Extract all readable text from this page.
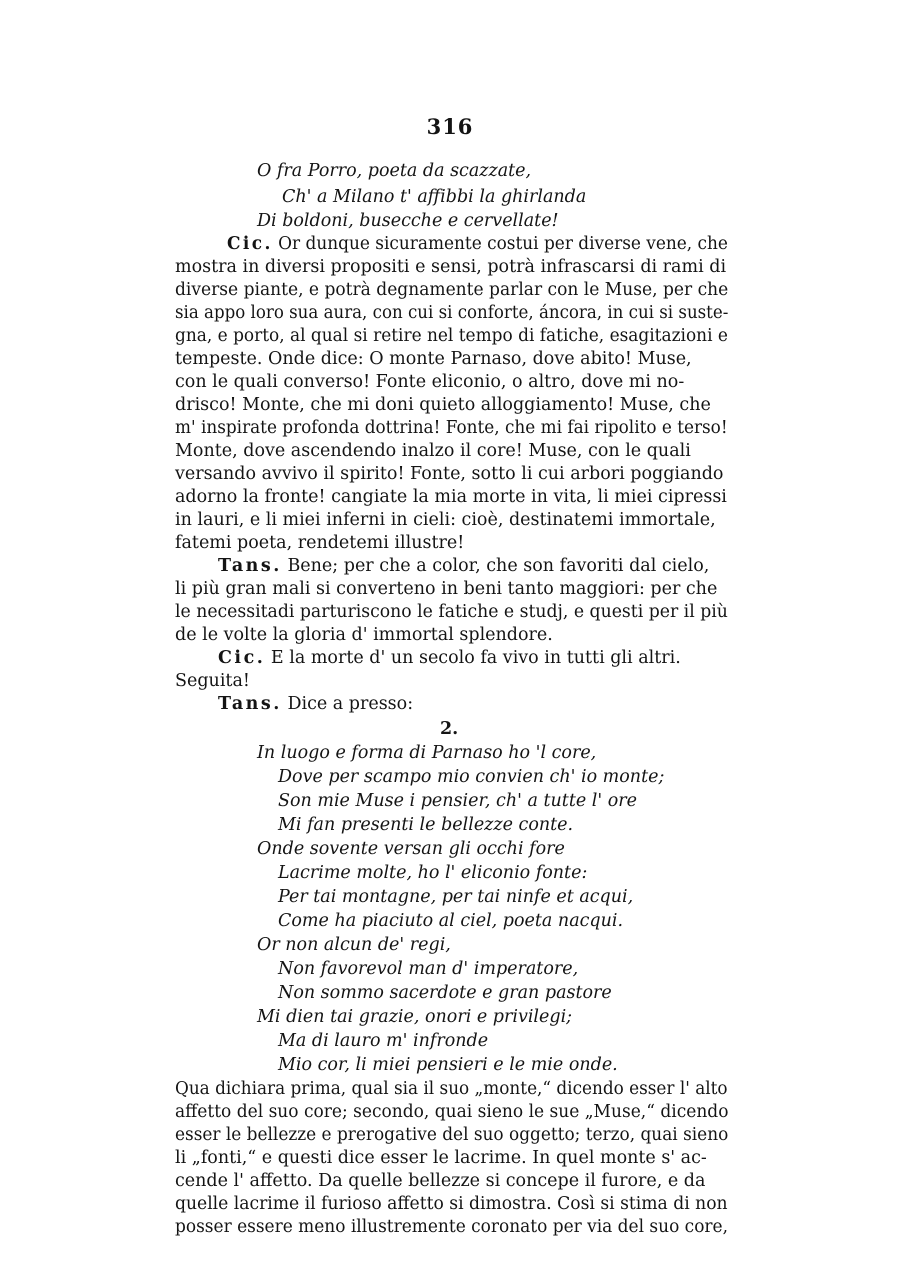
316
O fra Porro, poeta da scazzate,
Ch' a Milano t' affibbi la ghirlanda
Di boldoni, busecche e cervellate!
Cic. Or dunque sicuramente costui per diverse vene, che
mostra in diversi propositi e sensi, potrà infrascarsi di rami di
diverse piante, e potrà degnamente parlar con le Muse, per che
sia appo loro sua aura, con cui si conforte, áncora, in cui si suste-
gna, e porto, al qual si retire nel tempo di fatiche, esagitazioni e
tempeste. Onde dice: O monte Parnaso, dove abito! Muse,
con le quali converso! Fonte eliconio, o altro, dove mi no-
drisco! Monte, che mi doni quieto alloggiamento! Muse, che
m' inspirate profonda dottrina! Fonte, che mi fai ripolito e terso!
Monte, dove ascendendo inalzo il core! Muse, con le quali
versando avvivo il spirito! Fonte, sotto li cui arbori poggiando
adorno la fronte! cangiate la mia morte in vita, li miei cipressi
in lauri, e li miei inferni in cieli: cioè, destinatemi immortale,
fatemi poeta, rendetemi illustre!
Tans. Bene; per che a color, che son favoriti dal cielo,
li più gran mali si converteno in beni tanto maggiori: per che
le necessitadi parturiscono le fatiche e studj, e questi per il più
de le volte la gloria d' immortal splendore.
Cic. E la morte d' un secolo fa vivo in tutti gli altri.
Seguita!
Tans. Dice a presso:
2.
In luogo e forma di Parnaso ho 'l core,
Dove per scampo mio convien ch' io monte;
Son mie Muse i pensier, ch' a tutte l' ore
Mi fan presenti le bellezze conte.
Onde sovente versan gli occhi fore
Lacrime molte, ho l' eliconio fonte:
Per tai montagne, per tai ninfe et acqui,
Come ha piaciuto al ciel, poeta nacqui.
Or non alcun de' regi,
Non favorevol man d' imperatore,
Non sommo sacerdote e gran pastore
Mi dien tai grazie, onori e privilegi;
Ma di lauro m' infronde
Mio cor, li miei pensieri e le mie onde.
Qua dichiara prima, qual sia il suo „monte,“ dicendo esser l' alto
affetto del suo core; secondo, quai sieno le sue „Muse,“ dicendo
esser le bellezze e prerogative del suo oggetto; terzo, quai sieno
li „fonti,“ e questi dice esser le lacrime. In quel monte s' ac-
cende l' affetto. Da quelle bellezze si concepe il furore, e da
quelle lacrime il furioso affetto si dimostra. Così si stima di non
posser essere meno illustremente coronato per via del suo core,
